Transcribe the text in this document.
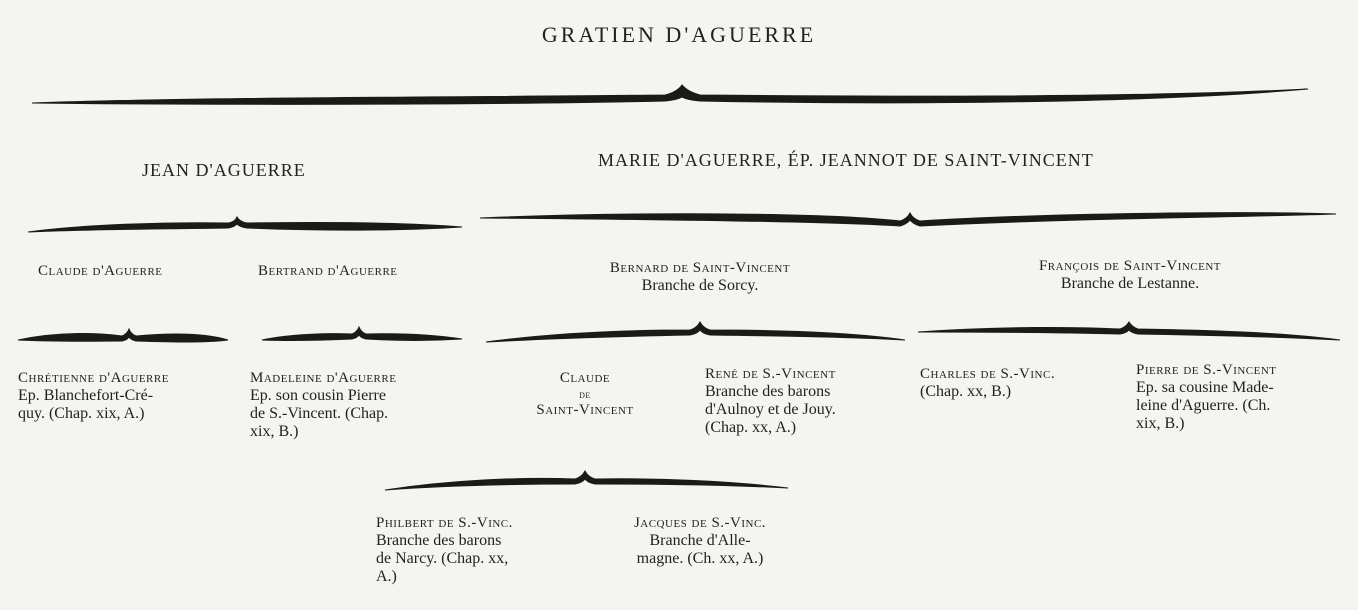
GRATIEN D'AGUERRE
JEAN D'AGUERRE	MARIE D'AGUERRE, ÉP. JEANNOT DE SAINT-VINCENT
Claude d'Aguerre	Bertrand d'Aguerre	Bernard de Saint-Vincent
Branche de Sorcy.
François de Saint-Vincent
Branche de Lestanne.
Chrétienne d'Aguerre
Ep. Blanchefort-Cré-
quy. (Chap. xix, A.)
Madeleine d'Aguerre
Ep. son cousin Pierre
de S.-Vincent. (Chap.
xix, B.)
Claude
de
Saint-Vincent
René de S.-Vincent
Branche des barons
d'Aulnoy et de Jouy.
(Chap. xx, A.)
Charles de S.-Vinc.
(Chap. xx, B.)
Pierre de S.-Vincent
Ep. sa cousine Made-
leine d'Aguerre. (Ch.
xix, B.)
Philbert de S.-Vinc.
Branche des barons
de Narcy. (Chap. xx,
A.)
Jacques de S.-Vinc.
Branche d'Alle-
magne. (Ch. xx, A.)
